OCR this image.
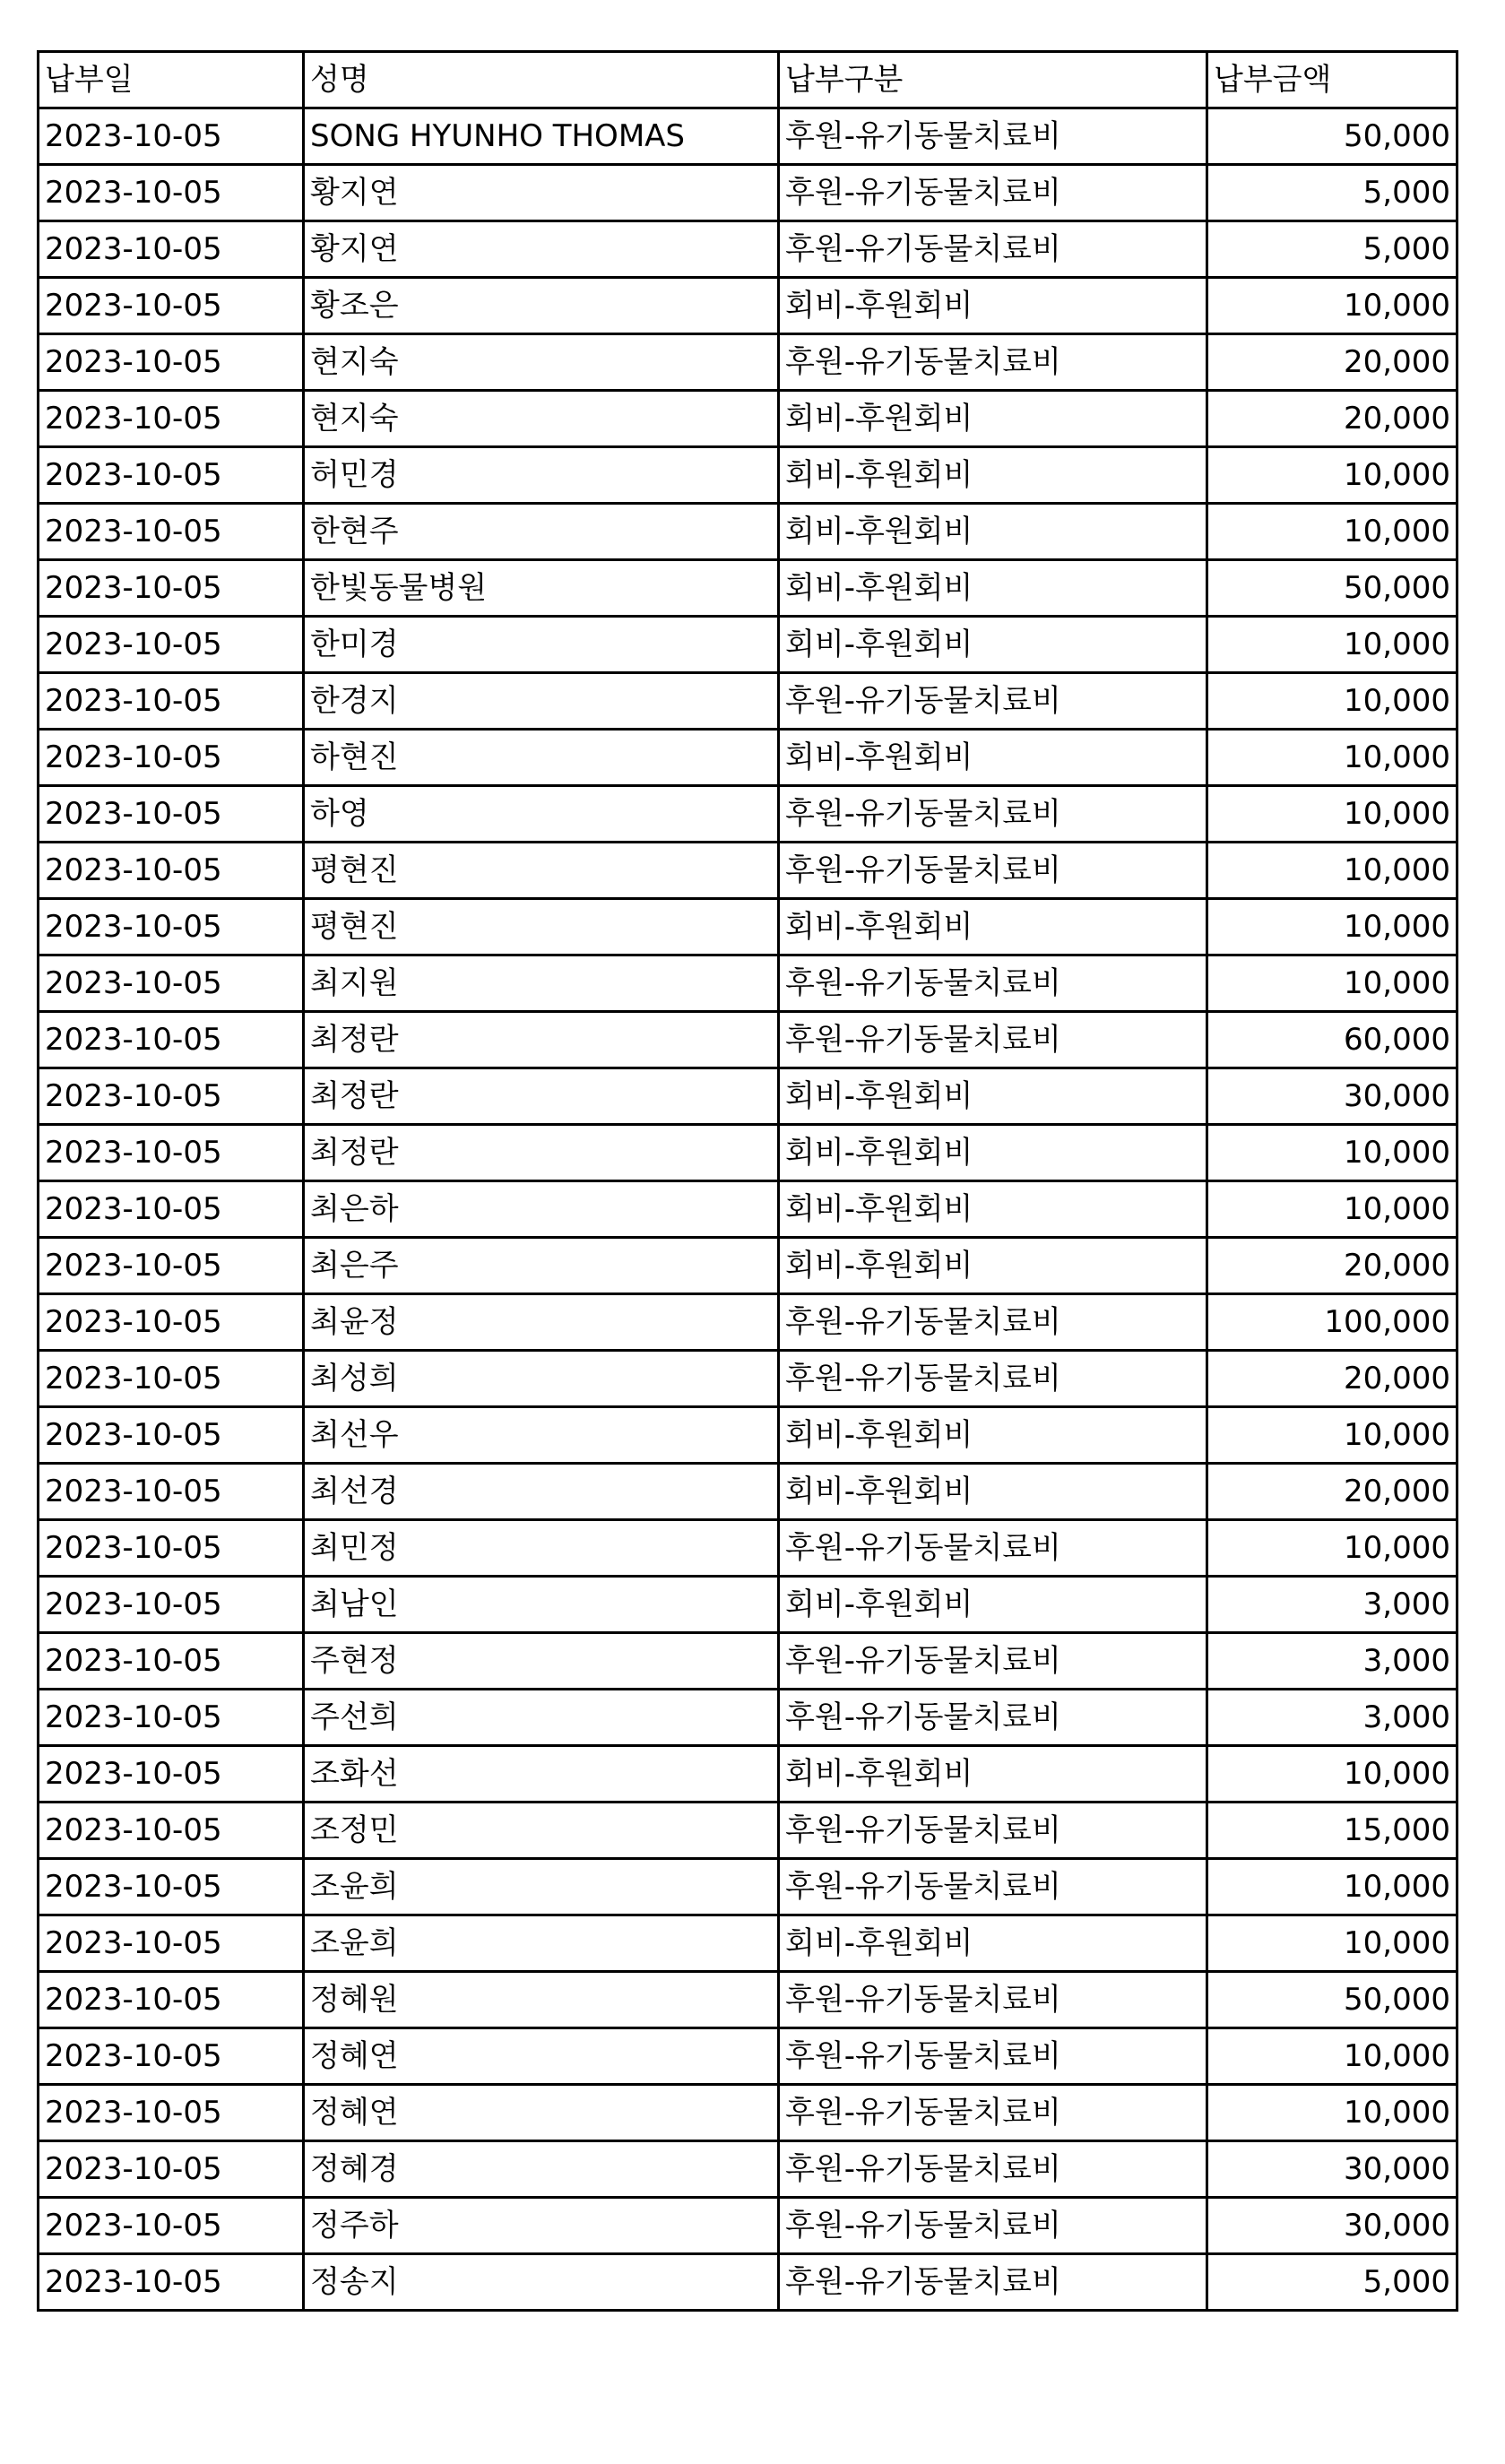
납부일	성명	납부구분	납부금액
2023-10-05	SONG HYUNHO THOMAS	후원-유기동물치료비	50,000
2023-10-05	황지연	후원-유기동물치료비	5,000
2023-10-05	황지연	후원-유기동물치료비	5,000
2023-10-05	황조은	회비-후원회비	10,000
2023-10-05	현지숙	후원-유기동물치료비	20,000
2023-10-05	현지숙	회비-후원회비	20,000
2023-10-05	허민경	회비-후원회비	10,000
2023-10-05	한현주	회비-후원회비	10,000
2023-10-05	한빛동물병원	회비-후원회비	50,000
2023-10-05	한미경	회비-후원회비	10,000
2023-10-05	한경지	후원-유기동물치료비	10,000
2023-10-05	하현진	회비-후원회비	10,000
2023-10-05	하영	후원-유기동물치료비	10,000
2023-10-05	평현진	후원-유기동물치료비	10,000
2023-10-05	평현진	회비-후원회비	10,000
2023-10-05	최지원	후원-유기동물치료비	10,000
2023-10-05	최정란	후원-유기동물치료비	60,000
2023-10-05	최정란	회비-후원회비	30,000
2023-10-05	최정란	회비-후원회비	10,000
2023-10-05	최은하	회비-후원회비	10,000
2023-10-05	최은주	회비-후원회비	20,000
2023-10-05	최윤정	후원-유기동물치료비	100,000
2023-10-05	최성희	후원-유기동물치료비	20,000
2023-10-05	최선우	회비-후원회비	10,000
2023-10-05	최선경	회비-후원회비	20,000
2023-10-05	최민정	후원-유기동물치료비	10,000
2023-10-05	최남인	회비-후원회비	3,000
2023-10-05	주현정	후원-유기동물치료비	3,000
2023-10-05	주선희	후원-유기동물치료비	3,000
2023-10-05	조화선	회비-후원회비	10,000
2023-10-05	조정민	후원-유기동물치료비	15,000
2023-10-05	조윤희	후원-유기동물치료비	10,000
2023-10-05	조윤희	회비-후원회비	10,000
2023-10-05	정혜원	후원-유기동물치료비	50,000
2023-10-05	정혜연	후원-유기동물치료비	10,000
2023-10-05	정혜연	후원-유기동물치료비	10,000
2023-10-05	정혜경	후원-유기동물치료비	30,000
2023-10-05	정주하	후원-유기동물치료비	30,000
2023-10-05	정송지	후원-유기동물치료비	5,000
